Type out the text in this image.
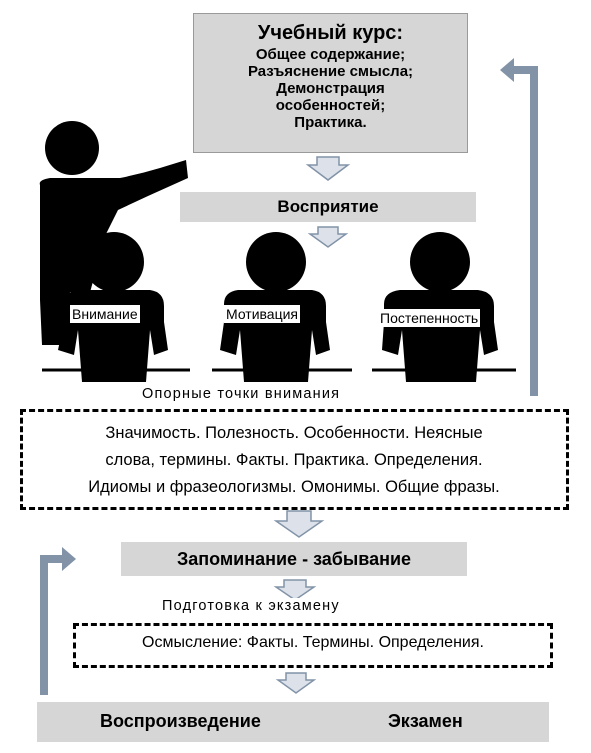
Учебный курс:
Общее содержание;
Разъяснение смысла;
Демонстрация
особенностей;
Практика.
Восприятие
Внимание	Мотивация	Постепенность
Опорные точки внимания
Значимость. Полезность. Особенности. Неясные
слова, термины. Факты. Практика. Определения.
Идиомы и фразеологизмы. Омонимы. Общие фразы.
Запоминание - забывание
Подготовка к экзамену
Осмысление: Факты. Термины. Определения.
Воспроизведение	Экзамен
